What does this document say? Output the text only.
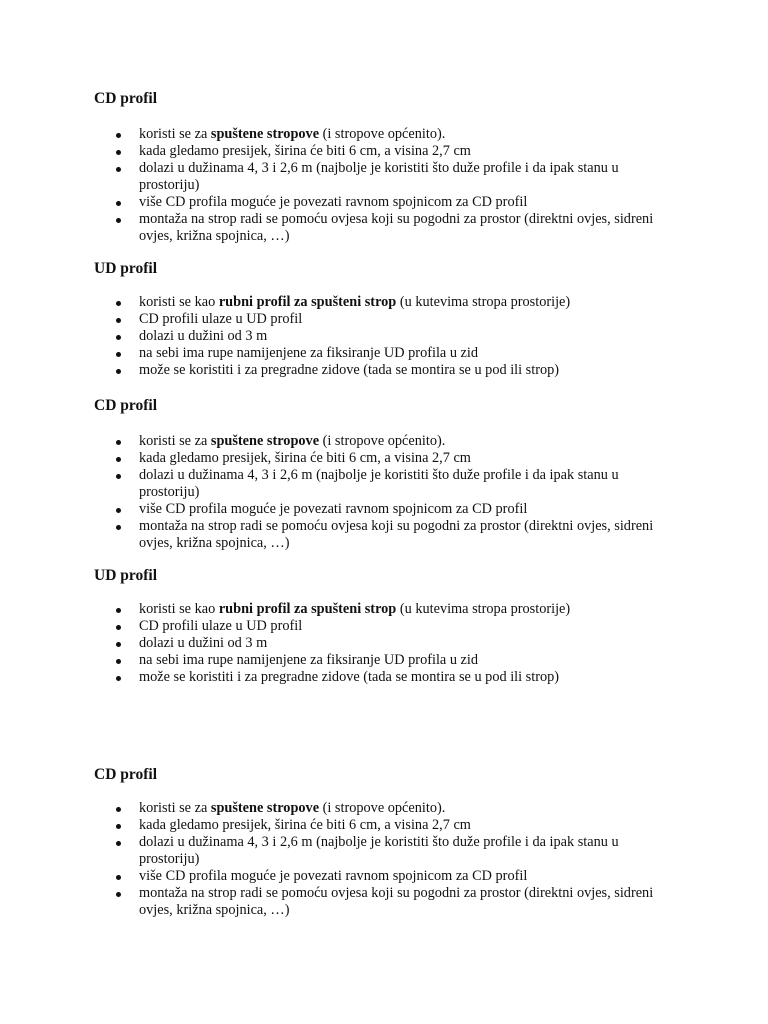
CD profil
koristi se za spuštene stropove (i stropove općenito).
kada gledamo presijek, širina će biti 6 cm, a visina 2,7 cm
dolazi u dužinama 4, 3 i 2,6 m (najbolje je koristiti što duže profile i da ipak stanu u prostoriju)
više CD profila moguće je povezati ravnom spojnicom za CD profil
montaža na strop radi se pomoću ovjesa koji su pogodni za prostor (direktni ovjes, sidreni ovjes, križna spojnica, …)
UD profil
koristi se kao rubni profil za spušteni strop (u kutevima stropa prostorije)
CD profili ulaze u UD profil
dolazi u dužini od 3 m
na sebi ima rupe namijenjene za fiksiranje UD profila u zid
može se koristiti i za pregradne zidove (tada se montira se u pod ili strop)
CD profil
koristi se za spuštene stropove (i stropove općenito).
kada gledamo presijek, širina će biti 6 cm, a visina 2,7 cm
dolazi u dužinama 4, 3 i 2,6 m (najbolje je koristiti što duže profile i da ipak stanu u prostoriju)
više CD profila moguće je povezati ravnom spojnicom za CD profil
montaža na strop radi se pomoću ovjesa koji su pogodni za prostor (direktni ovjes, sidreni ovjes, križna spojnica, …)
UD profil
koristi se kao rubni profil za spušteni strop (u kutevima stropa prostorije)
CD profili ulaze u UD profil
dolazi u dužini od 3 m
na sebi ima rupe namijenjene za fiksiranje UD profila u zid
može se koristiti i za pregradne zidove (tada se montira se u pod ili strop)
CD profil
koristi se za spuštene stropove (i stropove općenito).
kada gledamo presijek, širina će biti 6 cm, a visina 2,7 cm
dolazi u dužinama 4, 3 i 2,6 m (najbolje je koristiti što duže profile i da ipak stanu u prostoriju)
više CD profila moguće je povezati ravnom spojnicom za CD profil
montaža na strop radi se pomoću ovjesa koji su pogodni za prostor (direktni ovjes, sidreni ovjes, križna spojnica, …)
